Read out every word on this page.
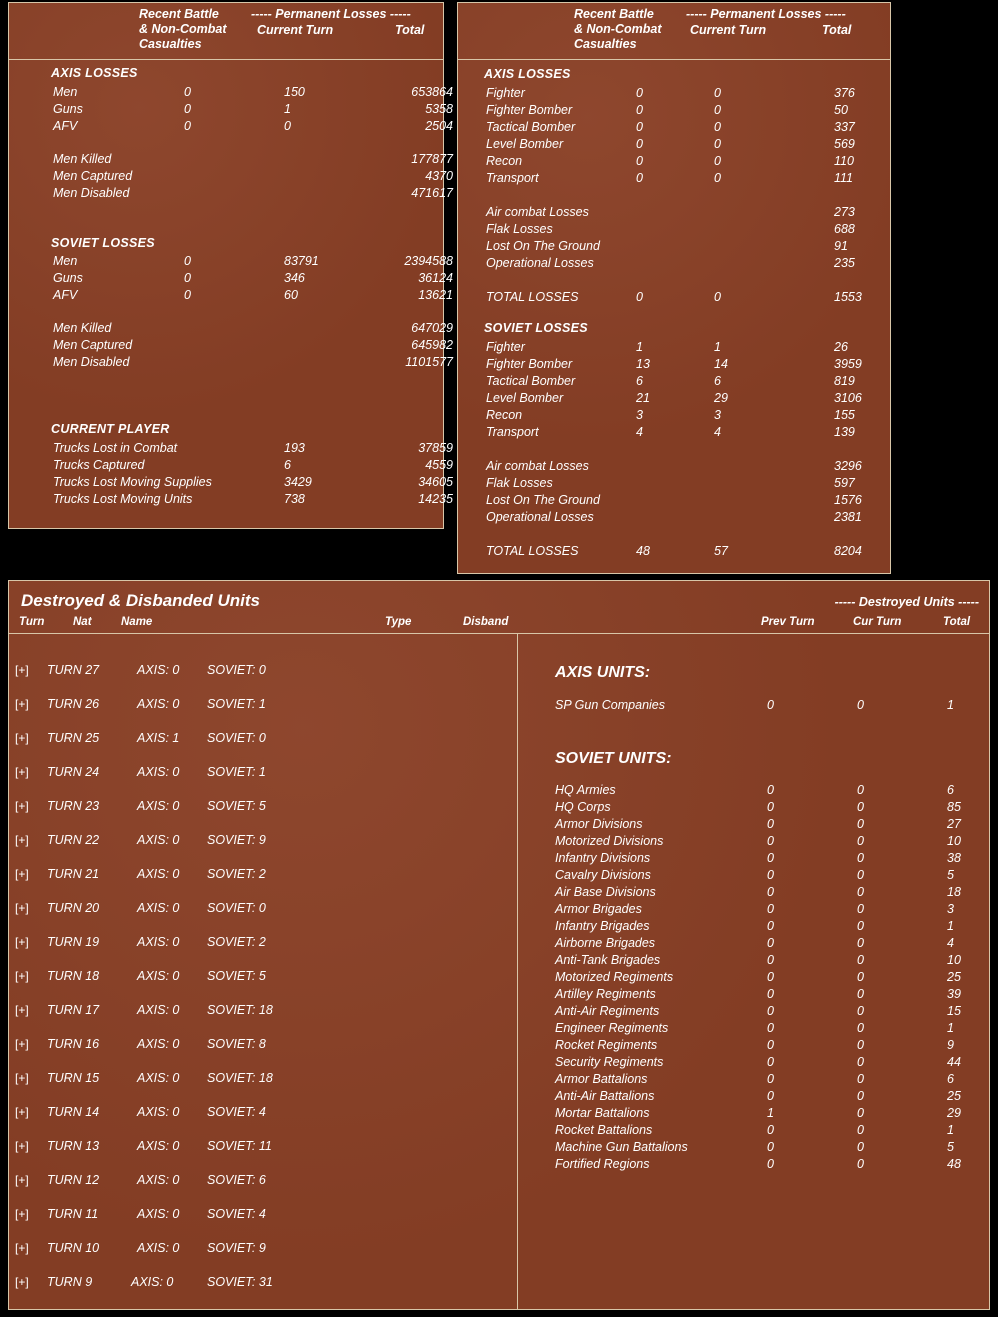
Recent Battle
& Non-Combat
Casualties
----- Permanent Losses -----
Current Turn	Total
AXIS LOSSES
Men	0	150	653864
Guns	0	1	5358
AFV	0	0	2504
Men Killed	177877
Men Captured	4370
Men Disabled	471617
SOVIET LOSSES
Men	0	83791	2394588
Guns	0	346	36124
AFV	0	60	13621
Men Killed	647029
Men Captured	645982
Men Disabled	1101577
CURRENT PLAYER
Trucks Lost in Combat	193	37859
Trucks Captured	6	4559
Trucks Lost Moving Supplies	3429	34605
Trucks Lost Moving Units	738	14235
Recent Battle
& Non-Combat
Casualties
----- Permanent Losses -----
Current Turn	Total
AXIS LOSSES
Fighter	0	0	376
Fighter Bomber	0	0	50
Tactical Bomber	0	0	337
Level Bomber	0	0	569
Recon	0	0	110
Transport	0	0	111
Air combat Losses	273
Flak Losses	688
Lost On The Ground	91
Operational Losses	235
TOTAL LOSSES	0	0	1553
SOVIET LOSSES
Fighter	1	1	26
Fighter Bomber	13	14	3959
Tactical Bomber	6	6	819
Level Bomber	21	29	3106
Recon	3	3	155
Transport	4	4	139
Air combat Losses	3296
Flak Losses	597
Lost On The Ground	1576
Operational Losses	2381
TOTAL LOSSES	48	57	8204
Destroyed & Disbanded Units	----- Destroyed Units -----
Turn Nat	Name	Type	Disband	Prev Turn	Cur Turn	Total
[+] TURN 27	AXIS: 0 SOVIET: 0
[+] TURN 26	AXIS: 0 SOVIET: 1
[+] TURN 25	AXIS: 1 SOVIET: 0
[+] TURN 24	AXIS: 0 SOVIET: 1
[+] TURN 23	AXIS: 0 SOVIET: 5
[+] TURN 22	AXIS: 0 SOVIET: 9
[+] TURN 21	AXIS: 0 SOVIET: 2
[+] TURN 20	AXIS: 0 SOVIET: 0
[+] TURN 19	AXIS: 0 SOVIET: 2
[+] TURN 18	AXIS: 0 SOVIET: 5
[+] TURN 17	AXIS: 0 SOVIET: 18
[+] TURN 16	AXIS: 0 SOVIET: 8
[+] TURN 15	AXIS: 0 SOVIET: 18
[+] TURN 14	AXIS: 0 SOVIET: 4
[+] TURN 13	AXIS: 0 SOVIET: 11
[+] TURN 12	AXIS: 0 SOVIET: 6
[+] TURN 11	AXIS: 0 SOVIET: 4
[+] TURN 10	AXIS: 0 SOVIET: 9
[+] TURN 9	AXIS: 0	SOVIET: 31
AXIS UNITS:
SP Gun Companies	0	0	1
SOVIET UNITS:
HQ Armies	0	0	6
HQ Corps	0	0	85
Armor Divisions	0	0	27
Motorized Divisions	0	0	10
Infantry Divisions	0	0	38
Cavalry Divisions	0	0	5
Air Base Divisions	0	0	18
Armor Brigades	0	0	3
Infantry Brigades	0	0	1
Airborne Brigades	0	0	4
Anti-Tank Brigades	0	0	10
Motorized Regiments	0	0	25
Artilley Regiments	0	0	39
Anti-Air Regiments	0	0	15
Engineer Regiments	0	0	1
Rocket Regiments	0	0	9
Security Regiments	0	0	44
Armor Battalions	0	0	6
Anti-Air Battalions	0	0	25
Mortar Battalions	1	0	29
Rocket Battalions	0	0	1
Machine Gun Battalions	0	0	5
Fortified Regions	0	0	48
